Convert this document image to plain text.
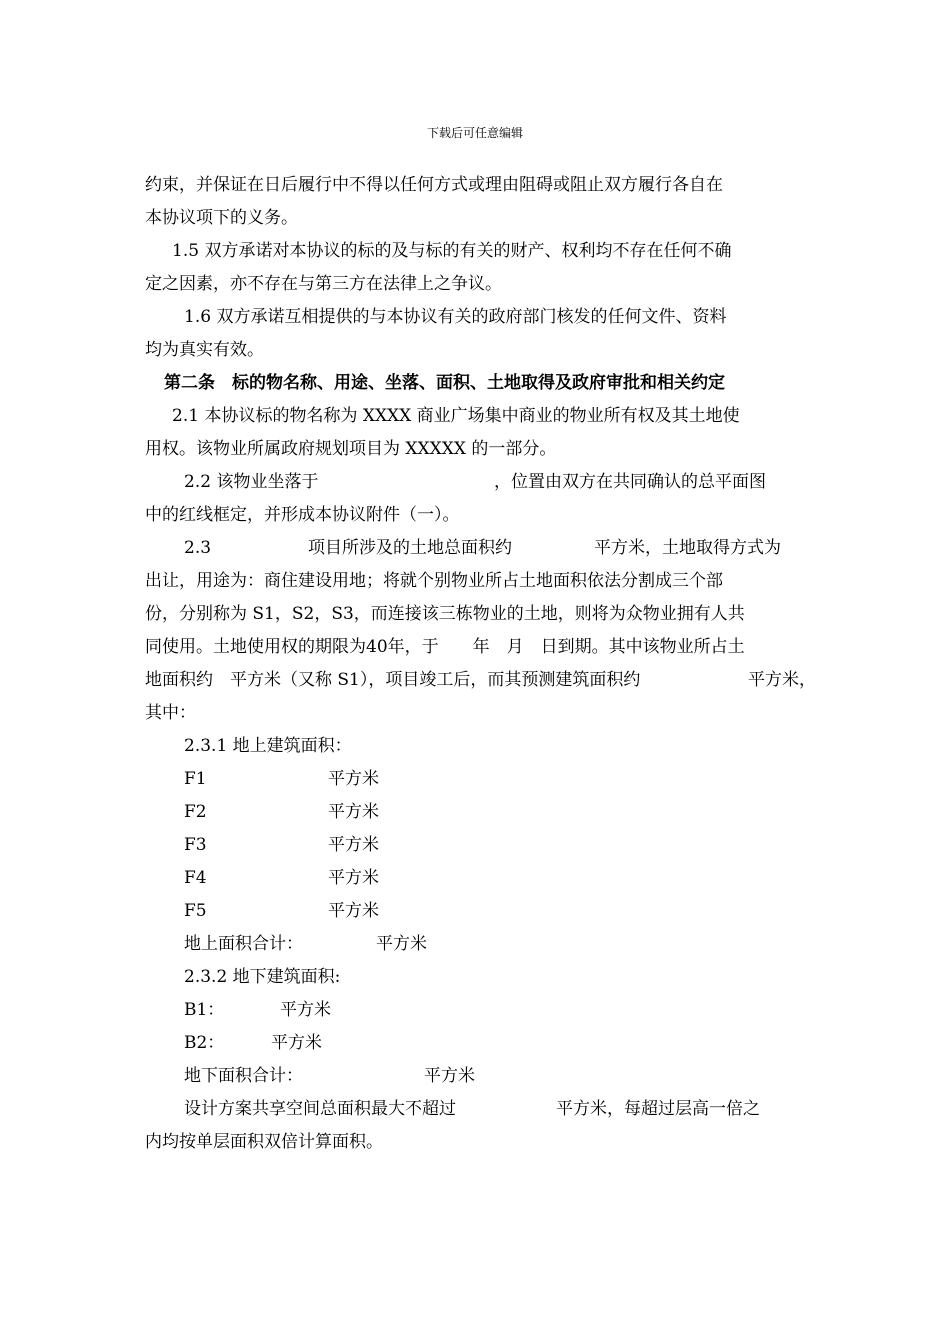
下载后可任意编辑
约束，并保证在日后履行中不得以任何方式或理由阻碍或阻止双方履行各自在
本协议项下的义务。
1.5 双方承诺对本协议的标的及与标的有关的财产、权利均不存在任何不确
定之因素，亦不存在与第三方在法律上之争议。
1.6 双方承诺互相提供的与本协议有关的政府部门核发的任何文件、资料
均为真实有效。
第二条　标的物名称、用途、坐落、面积、土地取得及政府审批和相关约定
2.1 本协议标的物名称为 XXXX 商业广场集中商业的物业所有权及其土地使
用权。该物业所属政府规划项目为 XXXXX 的一部分。
2.2 该物业坐落于	，位置由双方在共同确认的总平面图
中的红线框定，并形成本协议附件（一）。
2.3	项目所涉及的土地总面积约	平方米，土地取得方式为
出让，用途为：商住建设用地；将就个别物业所占土地面积依法分割成三个部
份，分别称为 S1，S2，S3，而连接该三栋物业的土地，则将为众物业拥有人共
同使用。土地使用权的期限为40年，于　　年　月　日到期。其中该物业所占土
地面积约　平方米（又称 S1），项目竣工后，而其预测建筑面积约	平方米，
其中：
2.3.1 地上建筑面积：
F1	平方米
F2	平方米
F3	平方米
F4	平方米
F5	平方米
地上面积合计：	平方米
2.3.2 地下建筑面积:
B1：	平方米
B2：	平方米
地下面积合计：	平方米
设计方案共享空间总面积最大不超过	平方米，每超过层高一倍之
内均按单层面积双倍计算面积。
